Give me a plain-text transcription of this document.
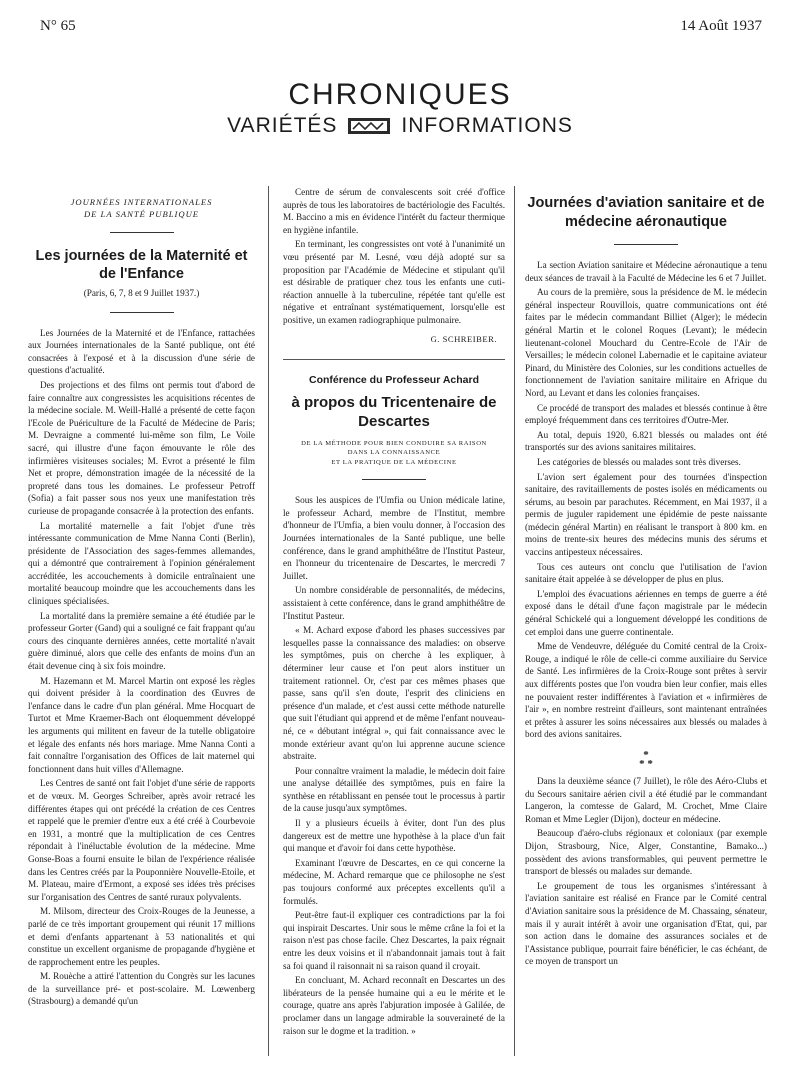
N° 65	14 Août 1937
CHRONIQUES
VARIÉTÉS	INFORMATIONS
JOURNÉES INTERNATIONALES
DE LA SANTÉ PUBLIQUE
Les journées de la Maternité et de l'Enfance
(Paris, 6, 7, 8 et 9 Juillet 1937.)

Les Journées de la Maternité et de l'Enfance, rattachées aux Journées internationales de la Santé publique, ont été consacrées à l'exposé et à la discussion d'une série de questions d'actualité.

Des projections et des films ont permis tout d'abord de faire connaître aux congressistes les acquisitions récentes de la médecine sociale. M. Weill-Hallé a présenté de cette façon l'Ecole de Puériculture de la Faculté de Médecine de Paris; M. Devraigne a commenté lui-même son film, Le Voile sacré, qui illustre d'une façon émouvante le rôle des infirmières visiteuses sociales; M. Evrot a présenté le film Net et propre, démonstration imagée de la nécessité de la propreté dans tous les domaines. Le professeur Petroff (Sofia) a fait passer sous nos yeux une manifestation très curieuse de propagande consacrée à la protection des enfants.

La mortalité maternelle a fait l'objet d'une très intéressante communication de Mme Nanna Conti (Berlin), présidente de l'Association des sages-femmes allemandes, qui a démontré que contrairement à l'opinion généralement accréditée, les accouchements à domicile entraînaient une mortalité beaucoup moindre que les accouchements dans les cliniques spécialisées.

La mortalité dans la première semaine a été étudiée par le professeur Gorter (Gand) qui a souligné ce fait frappant qu'au cours des cinquante dernières années, cette mortalité n'avait guère diminué, alors que celle des enfants de moins d'un an était devenue cinq à six fois moindre.

M. Hazemann et M. Marcel Martin ont exposé les règles qui doivent présider à la coordination des Œuvres de l'enfance dans le cadre d'un plan général. Mme Hocquart de Turtot et Mme Kraemer-Bach ont éloquemment développé les arguments qui militent en faveur de la tutelle obligatoire et légale des enfants nés hors mariage. Mme Nanna Conti a fait connaître l'organisation des Offices de lait maternel qui fonctionnent dans huit villes d'Allemagne.

Les Centres de santé ont fait l'objet d'une série de rapports et de vœux. M. Georges Schreiber, après avoir retracé les différentes étapes qui ont précédé la création de ces Centres et rappelé que le premier d'entre eux a été créé à Courbevoie en 1931, a montré que la multiplication de ces Centres répondait à l'inéluctable évolution de la médecine. Mme Gonse-Boas a fourni ensuite le bilan de l'expérience réalisée dans les Centres créés par la Pouponnière Nouvelle-Etoile, et M. Plateau, maire d'Ermont, a exposé ses idées très précises sur l'organisation des Centres de santé ruraux polyvalents.

M. Milsom, directeur des Croix-Rouges de la Jeunesse, a parlé de ce très important groupement qui réunit 17 millions et demi d'enfants appartenant à 53 nationalités et qui constitue un excellent organisme de propagande d'hygiène et de rapprochement entre les peuples.

M. Rouèche a attiré l'attention du Congrès sur les lacunes de la surveillance pré- et post-scolaire. M. Lœwenberg (Strasbourg) a demandé qu'un

Centre de sérum de convalescents soit créé d'office auprès de tous les laboratoires de bactériologie des Facultés. M. Baccino a mis en évidence l'intérêt du facteur thermique en hygiène infantile.

En terminant, les congressistes ont voté à l'unanimité un vœu présenté par M. Lesné, vœu déjà adopté sur sa proposition par l'Académie de Médecine et stipulant qu'il est désirable de pratiquer chez tous les enfants une cuti-réaction annuelle à la tuberculine, répétée tant qu'elle est négative et entraînant systématiquement, lorsqu'elle est positive, un examen radiographique pulmonaire.

G. SCHREIBER.
Conférence du Professeur Achard
à propos du Tricentenaire de Descartes
DE LA MÉTHODE POUR BIEN CONDUIRE SA RAISON
DANS LA CONNAISSANCE
ET LA PRATIQUE DE LA MÉDECINE

Sous les auspices de l'Umfia ou Union médicale latine, le professeur Achard, membre de l'Institut, membre d'honneur de l'Umfia, a bien voulu donner, à l'occasion des Journées internationales de la Santé publique, une belle conférence, dans le grand amphithéâtre de l'Institut Pasteur, en l'honneur du tricentenaire de Descartes, le mercredi 7 Juillet.

Un nombre considérable de personnalités, de médecins, assistaient à cette conférence, dans le grand amphithéâtre de l'Institut Pasteur.

« M. Achard expose d'abord les phases successives par lesquelles passe la connaissance des maladies: on observe les symptômes, puis on cherche à les expliquer, à déterminer leur cause et l'on peut alors instituer un traitement rationnel. Or, c'est par ces mêmes phases que passe, sans qu'il s'en doute, l'esprit des cliniciens en présence d'un malade, et c'est aussi cette méthode naturelle que suit l'étudiant qui apprend et de même l'enfant nouveau-né, ce « débutant intégral », qui fait connaissance avec le monde extérieur avant qu'on lui apprenne aucune science abstraite.

Pour connaître vraiment la maladie, le médecin doit faire une analyse détaillée des symptômes, puis en faire la synthèse en rétablissant en pensée tout le processus à partir de la cause jusqu'aux symptômes.

Il y a plusieurs écueils à éviter, dont l'un des plus dangereux est de mettre une hypothèse à la place d'un fait qui manque et d'avoir foi dans cette hypothèse.

Examinant l'œuvre de Descartes, en ce qui concerne la médecine, M. Achard remarque que ce philosophe ne s'est pas toujours conformé aux préceptes excellents qu'il a formulés.

Peut-être faut-il expliquer ces contradictions par la foi qui inspirait Descartes. Unir sous le même crâne la foi et la raison n'est pas chose facile. Chez Descartes, la paix régnait entre les deux voisins et il n'abandonnait jamais tout à fait sa foi quand il raisonnait ni sa raison quand il croyait.

En concluant, M. Achard reconnaît en Descartes un des libérateurs de la pensée humaine qui a eu le mérite et le courage, quatre ans après l'abjuration imposée à Galilée, de proclamer dans un langage admirable la souveraineté de la raison sur le dogme et la tradition. »

Journées d'aviation sanitaire et de médecine aéronautique

La section Aviation sanitaire et Médecine aéronautique a tenu deux séances de travail à la Faculté de Médecine les 6 et 7 Juillet.

Au cours de la première, sous la présidence de M. le médecin général inspecteur Rouvillois, quatre communications ont été faites par le médecin commandant Billiet (Alger); le médecin général Martin et le colonel Roques (Levant); le médecin lieutenant-colonel Mouchard du Centre-Ecole de l'Air de Versailles; le médecin colonel Labernadie et le capitaine aviateur Pinard, du Ministère des Colonies, sur les conditions actuelles de fonctionnement de l'aviation sanitaire militaire en Afrique du Nord, au Levant et dans les colonies françaises.

Ce procédé de transport des malades et blessés continue à être employé fréquemment dans ces territoires d'Outre-Mer.

Au total, depuis 1920, 6.821 blessés ou malades ont été transportés sur des avions sanitaires militaires.

Les catégories de blessés ou malades sont très diverses.

L'avion sert également pour des tournées d'inspection sanitaire, des ravitaillements de postes isolés en médicaments ou sérums, au besoin par parachutes. Récemment, en Mai 1937, il a permis de juguler rapidement une épidémie de peste naissante (médecin général Martin) en réalisant le transport à 800 km. en moins de trente-six heures des médecins munis des sérums et vaccins antipesteux nécessaires.

Tous ces auteurs ont conclu que l'utilisation de l'avion sanitaire était appelée à se développer de plus en plus.

L'emploi des évacuations aériennes en temps de guerre a été exposé dans le détail d'une façon magistrale par le médecin général Schickelé qui a longuement développé les conditions de cet emploi dans une guerre continentale.

Mme de Vendeuvre, déléguée du Comité central de la Croix-Rouge, a indiqué le rôle de celle-ci comme auxiliaire du Service de Santé. Les infirmières de la Croix-Rouge sont prêtes à servir aux différents postes que l'on voudra bien leur confier, mais elles ne pouvaient rester indifférentes à l'aviation et « infirmières de l'air », en nombre restreint d'ailleurs, sont maintenant entraînées et prêtes à assurer les soins nécessaires aux blessés ou malades à bord des avions sanitaires.

*
* *

Dans la deuxième séance (7 Juillet), le rôle des Aéro-Clubs et du Secours sanitaire aérien civil a été étudié par le commandant Langeron, la comtesse de Galard, M. Crochet, Mme Claire Roman et Mme Legler (Dijon), docteur en médecine.

Beaucoup d'aéro-clubs régionaux et coloniaux (par exemple Dijon, Strasbourg, Nice, Alger, Constantine, Bamako...) possèdent des avions transformables, qui peuvent permettre le transport de blessés ou malades sur demande.

Le groupement de tous les organismes s'intéressant à l'aviation sanitaire est réalisé en France par le Comité central d'Aviation sanitaire sous la présidence de M. Chassaing, sénateur, mais il y aurait intérêt à avoir une organisation d'Etat, qui, par son action dans le domaine des assurances sociales et de l'Assistance publique, pourrait faire bénéficier, le cas échéant, de ce moyen de transport un
